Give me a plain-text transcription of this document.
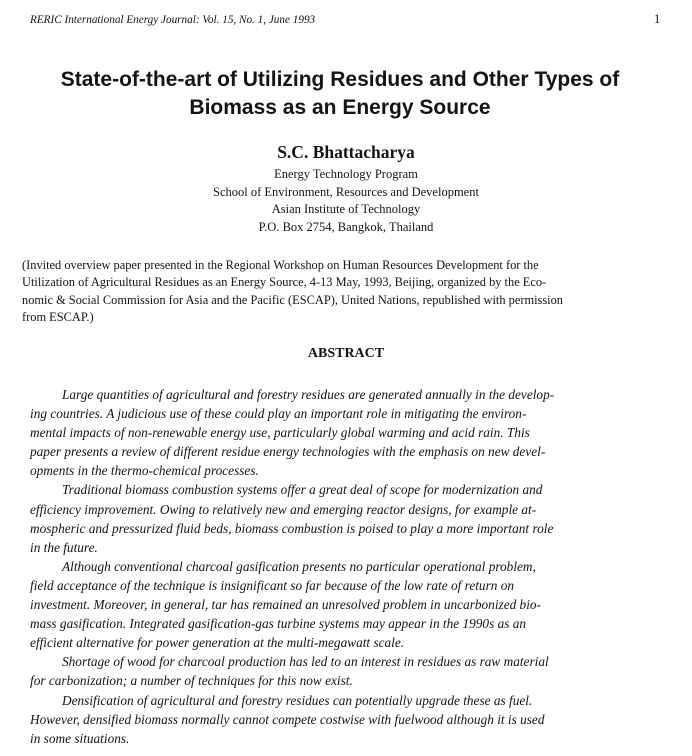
RERIC International Energy Journal: Vol. 15, No. 1, June 1993	1
State-of-the-art of Utilizing Residues and Other Types of
Biomass as an Energy Source
S.C. Bhattacharya
Energy Technology Program
School of Environment, Resources and Development
Asian Institute of Technology
P.O. Box 2754, Bangkok, Thailand

(Invited overview paper presented in the Regional Workshop on Human Resources Development for the
Utilization of Agricultural Residues as an Energy Source, 4-13 May, 1993, Beijing, organized by the Eco-
nomic & Social Commission for Asia and the Pacific (ESCAP), United Nations, republished with permission
from ESCAP.)

ABSTRACT
Large quantities of agricultural and forestry residues are generated annually in the develop-
ing countries. A judicious use of these could play an important role in mitigating the environ-
mental impacts of non-renewable energy use, particularly global warming and acid rain. This
paper presents a review of different residue energy technologies with the emphasis on new devel-
opments in the thermo-chemical processes.
Traditional biomass combustion systems offer a great deal of scope for modernization and
efficiency improvement. Owing to relatively new and emerging reactor designs, for example at-
mospheric and pressurized fluid beds, biomass combustion is poised to play a more important role
in the future.
Although conventional charcoal gasification presents no particular operational problem,
field acceptance of the technique is insignificant so far because of the low rate of return on
investment. Moreover, in general, tar has remained an unresolved problem in uncarbonized bio-
mass gasification. Integrated gasification-gas turbine systems may appear in the 1990s as an
efficient alternative for power generation at the multi-megawatt scale.
Shortage of wood for charcoal production has led to an interest in residues as raw material
for carbonization; a number of techniques for this now exist.
Densification of agricultural and forestry residues can potentially upgrade these as fuel.
However, densified biomass normally cannot compete costwise with fuelwood although it is used
in some situations.
